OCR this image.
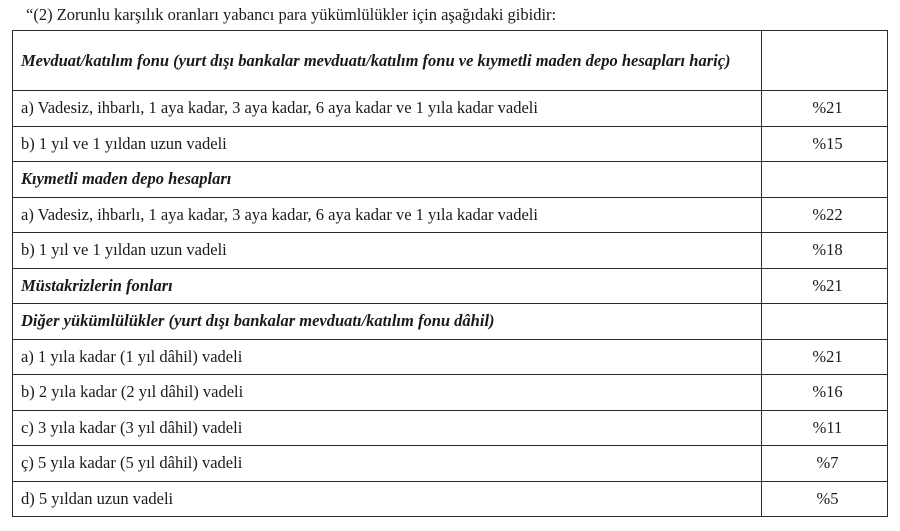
“(2) Zorunlu karşılık oranları yabancı para yükümlülükler için aşağıdaki gibidir:
Mevduat/katılım fonu (yurt dışı bankalar mevduatı/katılım fonu ve kıymetli maden depo hesapları hariç)	
a) Vadesiz, ihbarlı, 1 aya kadar, 3 aya kadar, 6 aya kadar ve 1 yıla kadar vadeli	%21
b) 1 yıl ve 1 yıldan uzun vadeli	%15
Kıymetli maden depo hesapları	
a) Vadesiz, ihbarlı, 1 aya kadar, 3 aya kadar, 6 aya kadar ve 1 yıla kadar vadeli	%22
b) 1 yıl ve 1 yıldan uzun vadeli	%18
Müstakrizlerin fonları	%21
Diğer yükümlülükler (yurt dışı bankalar mevduatı/katılım fonu dâhil)	
a) 1 yıla kadar (1 yıl dâhil) vadeli	%21
b) 2 yıla kadar (2 yıl dâhil) vadeli	%16
c) 3 yıla kadar (3 yıl dâhil) vadeli	%11
ç) 5 yıla kadar (5 yıl dâhil) vadeli	%7
d) 5 yıldan uzun vadeli	%5
